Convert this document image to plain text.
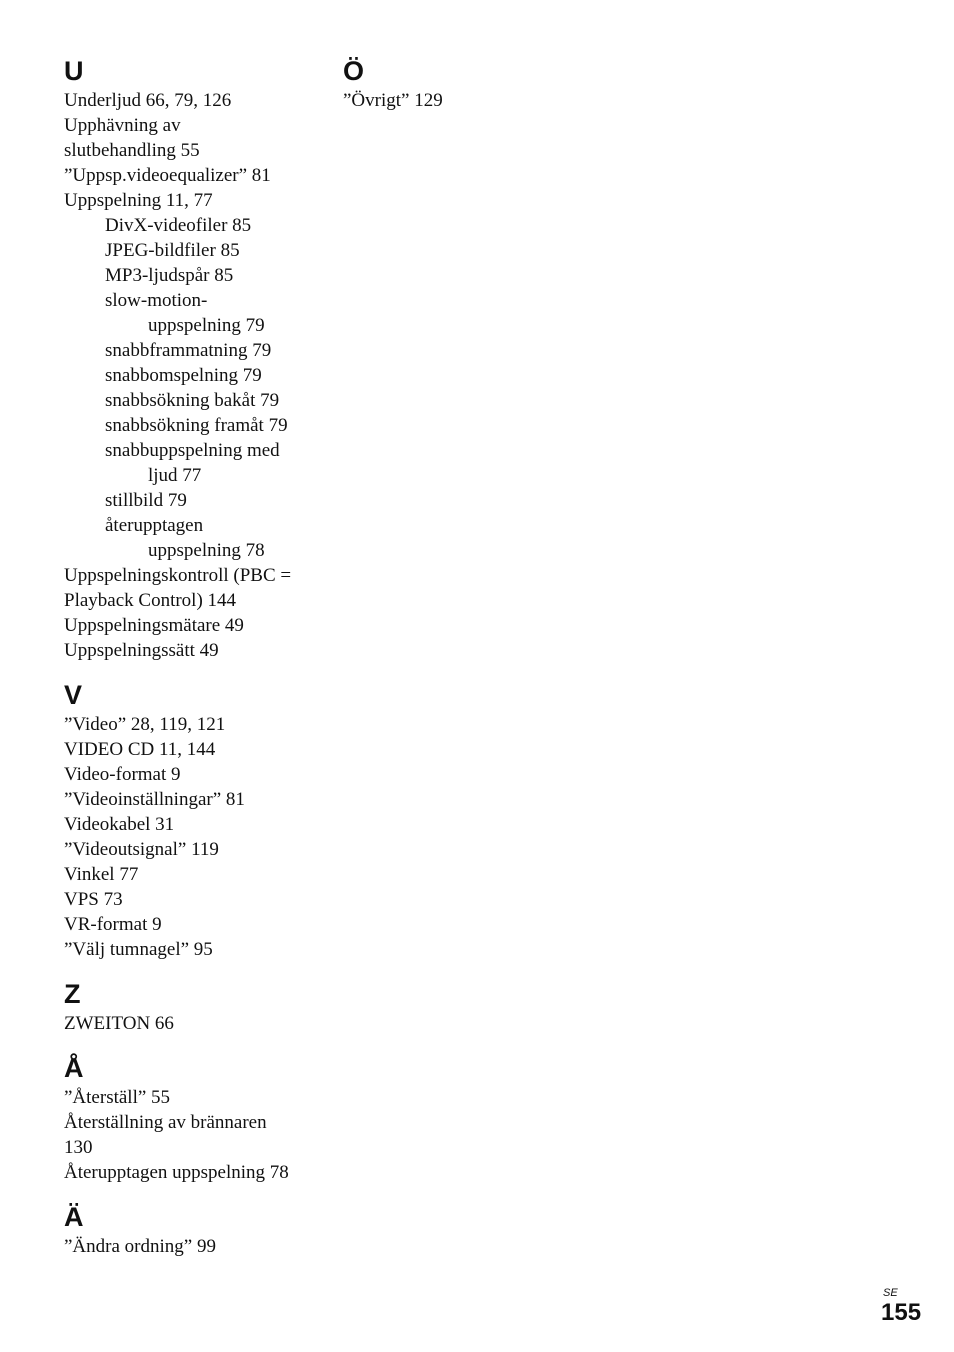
U
Underljud 66, 79, 126
Upphävning av
slutbehandling 55
”Uppsp.videoequalizer” 81
Uppspelning 11, 77
DivX-videofiler 85
JPEG-bildfiler 85
MP3-ljudspår 85
slow-motion-
uppspelning 79
snabbframmatning 79
snabbomspelning 79
snabbsökning bakåt 79
snabbsökning framåt 79
snabbuppspelning med
ljud 77
stillbild 79
återupptagen
uppspelning 78
Uppspelningskontroll (PBC =
Playback Control) 144
Uppspelningsmätare 49
Uppspelningssätt 49
V
”Video” 28, 119, 121
VIDEO CD 11, 144
Video-format 9
”Videoinställningar” 81
Videokabel 31
”Videoutsignal” 119
Vinkel 77
VPS 73
VR-format 9
”Välj tumnagel” 95
Z
ZWEITON 66
Å
”Återställ” 55
Återställning av brännaren
130
Återupptagen uppspelning 78
Ä
”Ändra ordning” 99
Ö
”Övrigt” 129
SE
155
